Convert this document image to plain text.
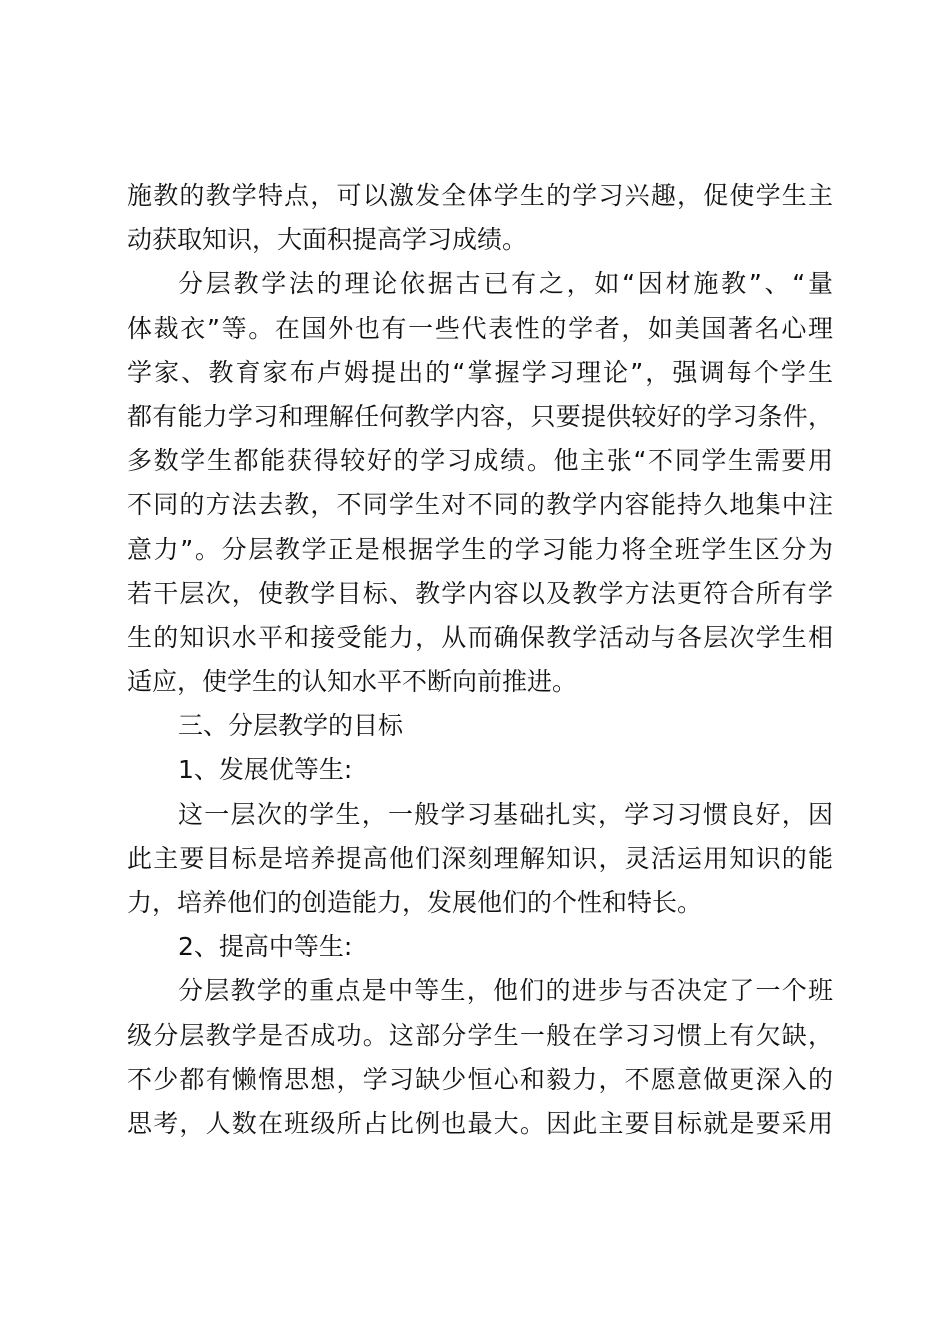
施教的教学特点，可以激发全体学生的学习兴趣，促使学生主
动获取知识，大面积提高学习成绩。
分层教学法的理论依据古已有之，如“因材施教”、“量
体裁衣”等。在国外也有一些代表性的学者，如美国著名心理
学家、教育家布卢姆提出的“掌握学习理论”，强调每个学生
都有能力学习和理解任何教学内容，只要提供较好的学习条件，
多数学生都能获得较好的学习成绩。他主张“不同学生需要用
不同的方法去教，不同学生对不同的教学内容能持久地集中注
意力”。分层教学正是根据学生的学习能力将全班学生区分为
若干层次，使教学目标、教学内容以及教学方法更符合所有学
生的知识水平和接受能力，从而确保教学活动与各层次学生相
适应，使学生的认知水平不断向前推进。
三、分层教学的目标
1、发展优等生:
这一层次的学生，一般学习基础扎实，学习习惯良好，因
此主要目标是培养提高他们深刻理解知识，灵活运用知识的能
力，培养他们的创造能力，发展他们的个性和特长。
2、提高中等生:
分层教学的重点是中等生，他们的进步与否决定了一个班
级分层教学是否成功。这部分学生一般在学习习惯上有欠缺，
不少都有懒惰思想，学习缺少恒心和毅力，不愿意做更深入的
思考，人数在班级所占比例也最大。因此主要目标就是要采用
